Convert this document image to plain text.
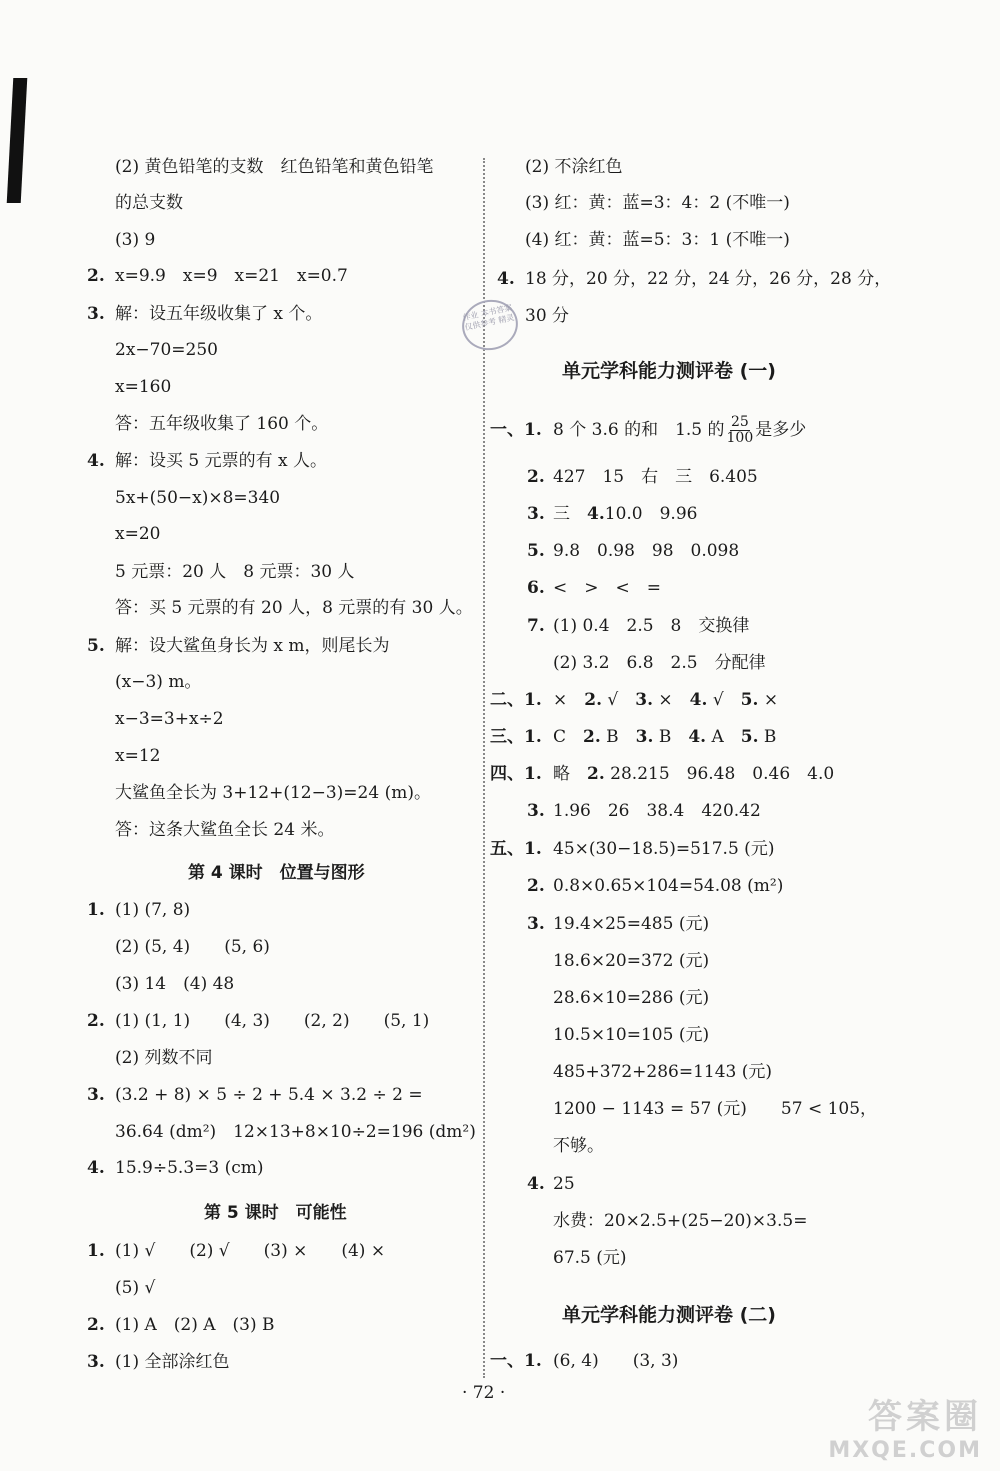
(2) 黄色铅笔的支数　红色铅笔和黄色铅笔
的总支数
(3) 9
2. x=9.9　x=9　x=21　x=0.7
3. 解：设五年级收集了 x 个。
2x−70=250
x=160
答：五年级收集了 160 个。
4. 解：设买 5 元票的有 x 人。
5x+(50−x)×8=340
x=20
5 元票：20 人　8 元票：30 人
答：买 5 元票的有 20 人，8 元票的有 30 人。
5. 解：设大鲨鱼身长为 x m，则尾长为
(x−3) m。
x−3=3+x÷2
x=12
大鲨鱼全长为 3+12+(12−3)=24 (m)。
答：这条大鲨鱼全长 24 米。
第 4 课时　位置与图形
1. (1) (7, 8)
(2) (5, 4)　　(5, 6)
(3) 14　(4) 48
2. (1) (1, 1)　　(4, 3)　　(2, 2)　　(5, 1)
(2) 列数不同
3. (3.2 + 8) × 5 ÷ 2 + 5.4 × 3.2 ÷ 2 =
36.64 (dm²)　12×13+8×10÷2=196 (dm²)
4. 15.9÷5.3=3 (cm)
第 5 课时　可能性
1. (1) √　　(2) √　　(3) ×　　(4) ×
(5) √
2. (1) A　(2) A　(3) B
3. (1) 全部涂红色
(2) 不涂红色
(3) 红：黄：蓝=3：4：2 (不唯一)
(4) 红：黄：蓝=5：3：1 (不唯一)
4. 18 分，20 分，22 分，24 分，26 分，28 分，
30 分
单元学科能力测评卷 (一)
一、1. 8 个 3.6 的和　1.5 的 $\frac{25}{100}$ 是多少
2. 427　15　右　三　6.405
3. 三　 4.10.0　9.96
5. 9.8　0.98　98　0.098
6. <　>　<　=
7. (1) 0.4　2.5　8　交换律
(2) 3.2　6.8　2.5　分配律
二、1. ×　 2. √　 3. ×　 4. √　 5. ×
三、1. C　 2. B　 3. B　 4. A　 5. B
四、1. 略　 2. 28.215　96.48　0.46　4.0
3. 1.96　26　38.4　420.42
五、1. 45×(30−18.5)=517.5 (元)
2. 0.8×0.65×104=54.08 (m²)
3. 19.4×25=485 (元)
18.6×20=372 (元)
28.6×10=286 (元)
10.5×10=105 (元)
485+372+286=1143 (元)
1200 − 1143 = 57 (元)　　57 < 105，
不够。
4. 25
水费：20×2.5+(25−20)×3.5=
67.5 (元)
单元学科能力测评卷 (二)
一、1. (6, 4)　　(3, 3)
作业 本书答案仅供参考 精灵
· 72 ·
答案圈
MXQE.COM
